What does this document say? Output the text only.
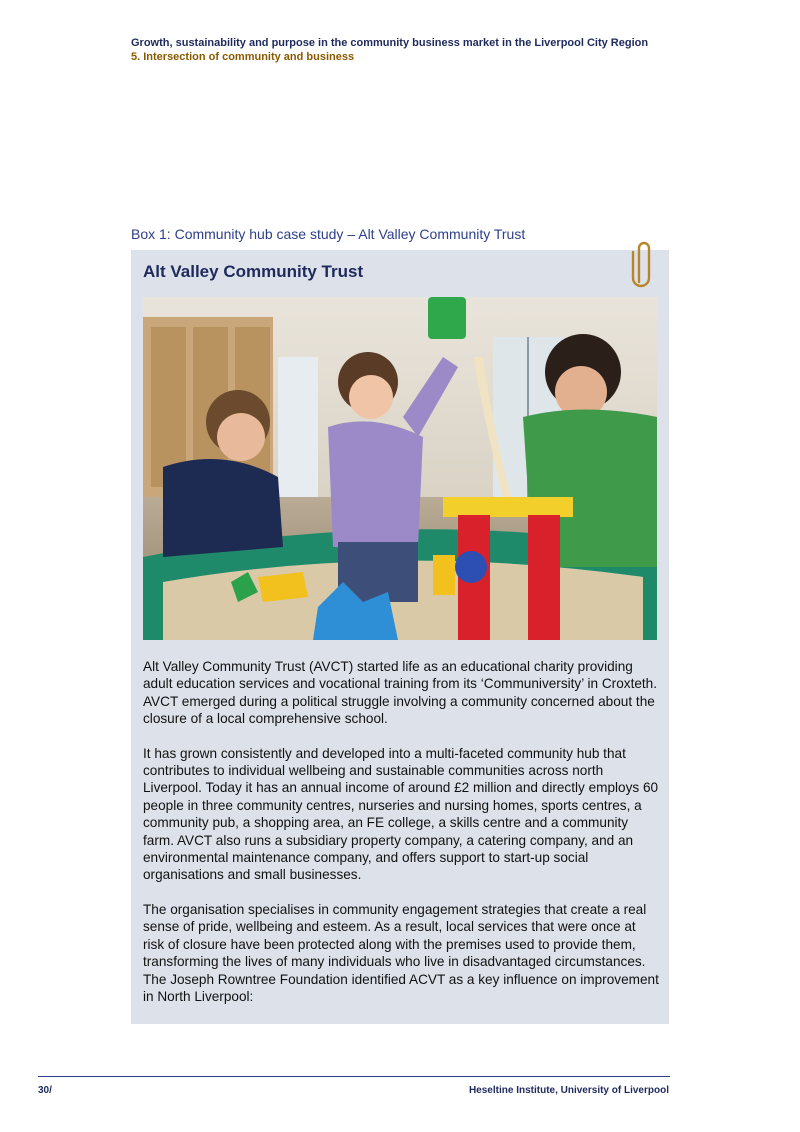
Growth, sustainability and purpose in the community business market in the Liverpool City Region
5. Intersection of community and business
Box 1: Community hub case study – Alt Valley Community Trust
Alt Valley Community Trust

Alt Valley Community Trust (AVCT) started life as an educational charity providing adult education services and vocational training from its ‘Communiversity’ in Croxteth. AVCT emerged during a political struggle involving a community concerned about the closure of a local comprehensive school.

It has grown consistently and developed into a multi-faceted community hub that contributes to individual wellbeing and sustainable communities across north Liverpool. Today it has an annual income of around £2 million and directly employs 60 people in three community centres, nurseries and nursing homes, sports centres, a community pub, a shopping area, an FE college, a skills centre and a community farm. AVCT also runs a subsidiary property company, a catering company, and an environmental maintenance company, and offers support to start-up social organisations and small businesses.

The organisation specialises in community engagement strategies that create a real sense of pride, wellbeing and esteem. As a result, local services that were once at risk of closure have been protected along with the premises used to provide them, transforming the lives of many individuals who live in disadvantaged circumstances. The Joseph Rowntree Foundation identified ACVT as a key influence on improvement in North Liverpool:

30/	Heseltine Institute, University of Liverpool
